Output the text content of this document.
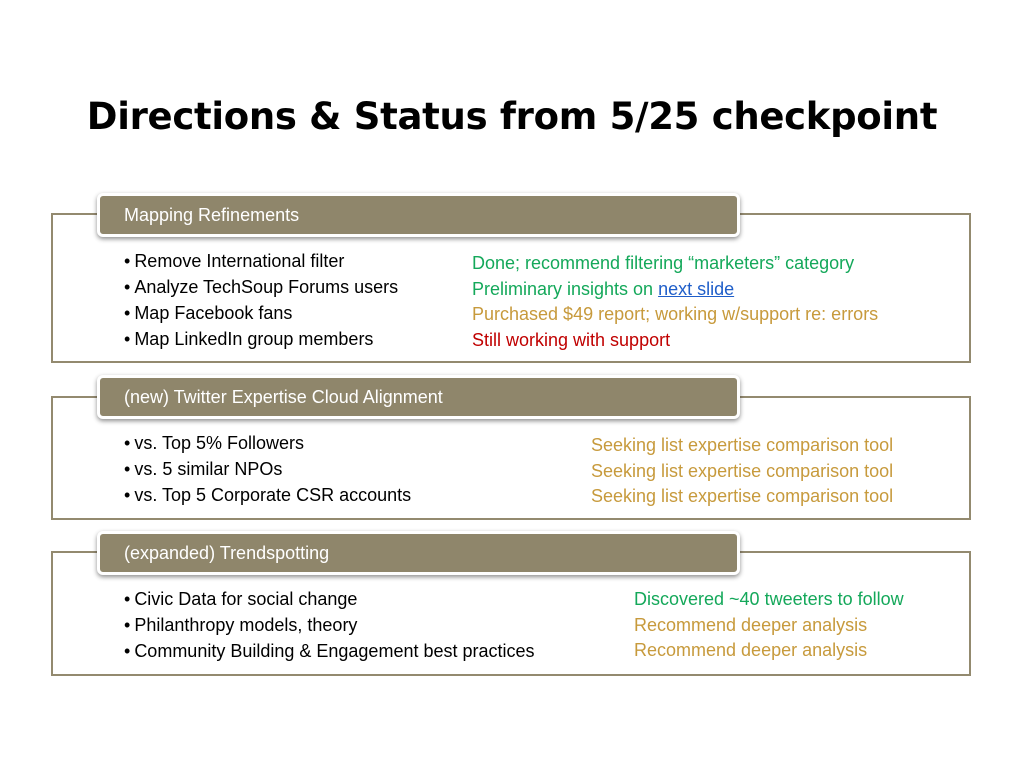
Directions & Status from 5/25 checkpoint
Mapping Refinements
• Remove International filter
• Analyze TechSoup Forums users
• Map Facebook fans
• Map LinkedIn group members
Done; recommend filtering “marketers” category
Preliminary insights on next slide
Purchased $49 report; working w/support re: errors
Still working with support
(new) Twitter Expertise Cloud Alignment
• vs. Top 5% Followers
• vs. 5 similar NPOs
• vs. Top 5 Corporate CSR accounts
Seeking list expertise comparison tool
Seeking list expertise comparison tool
Seeking list expertise comparison tool
(expanded) Trendspotting
• Civic Data for social change
• Philanthropy models, theory
• Community Building & Engagement best practices
Discovered ~40 tweeters to follow
Recommend deeper analysis
Recommend deeper analysis
